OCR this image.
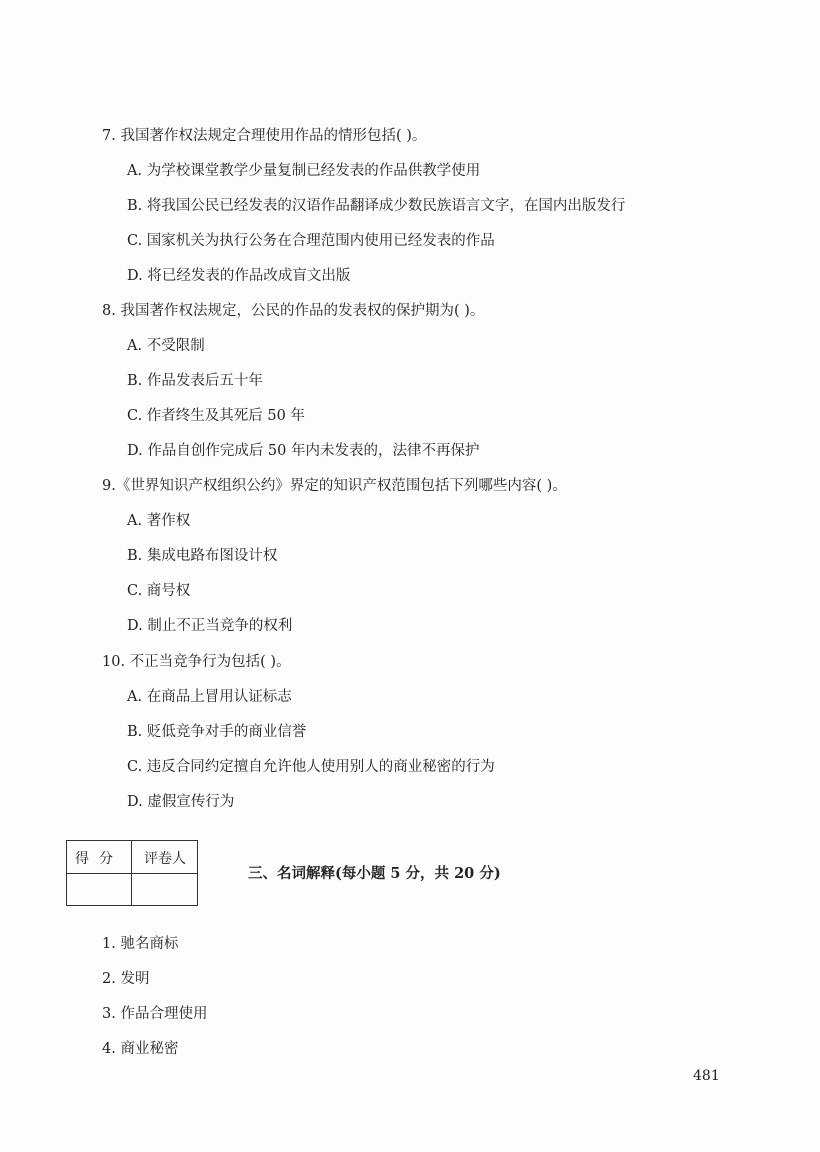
7. 我国著作权法规定合理使用作品的情形包括( )。
A. 为学校课堂教学少量复制已经发表的作品供教学使用
B. 将我国公民已经发表的汉语作品翻译成少数民族语言文字，在国内出版发行
C. 国家机关为执行公务在合理范围内使用已经发表的作品
D. 将已经发表的作品改成盲文出版
8. 我国著作权法规定，公民的作品的发表权的保护期为( )。
A. 不受限制
B. 作品发表后五十年
C. 作者终生及其死后 50 年
D. 作品自创作完成后 50 年内未发表的，法律不再保护
9.《世界知识产权组织公约》界定的知识产权范围包括下列哪些内容( )。
A. 著作权
B. 集成电路布图设计权
C. 商号权
D. 制止不正当竞争的权利
10. 不正当竞争行为包括( )。
A. 在商品上冒用认证标志
B. 贬低竞争对手的商业信誉
C. 违反合同约定擅自允许他人使用别人的商业秘密的行为
D. 虚假宣传行为
得分	评卷人
三、名词解释(每小题 5 分，共 20 分)
1. 驰名商标
2. 发明
3. 作品合理使用
4. 商业秘密
481
